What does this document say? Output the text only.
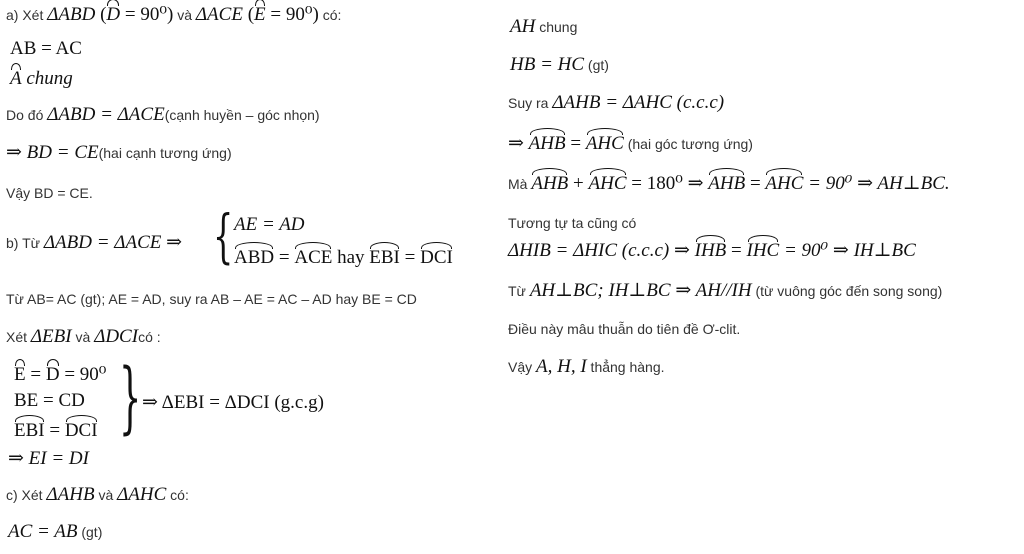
a) Xét ΔABD (D = 90⁰) và ΔACE (E = 90⁰) có:
AB = AC
A chung
Do đó ΔABD = ΔACE(cạnh huyền – góc nhọn)
⇒ BD = CE(hai cạnh tương ứng)
Vậy BD = CE.
b) Từ ΔABD = ΔACE ⇒ { AE = AD
ABD = ACE hay EBI = DCI
Từ AB= AC (gt); AE = AD, suy ra AB – AE = AC – AD hay BE = CD
Xét ΔEBI và ΔDCIcó :
E = D = 90⁰
BE = CD
EBI = DCI } ⇒ ΔEBI = ΔDCI (g.c.g)
⇒ EI = DI
c) Xét ΔAHB và ΔAHC có:
AC = AB (gt)
AH chung
HB = HC (gt)
Suy ra ΔAHB = ΔAHC (c.c.c)
⇒ AHB = AHC (hai góc tương ứng)
Mà AHB + AHC = 180⁰ ⇒ AHB = AHC = 90⁰ ⇒ AH⊥BC.
Tương tự ta cũng có
ΔHIB = ΔHIC (c.c.c) ⇒ IHB = IHC = 90⁰ ⇒ IH⊥BC
Từ AH⊥BC; IH⊥BC ⇒ AH//IH (từ vuông góc đến song song)
Điều này mâu thuẫn do tiên đề Ơ-clit.
Vậy A, H, I thẳng hàng.
